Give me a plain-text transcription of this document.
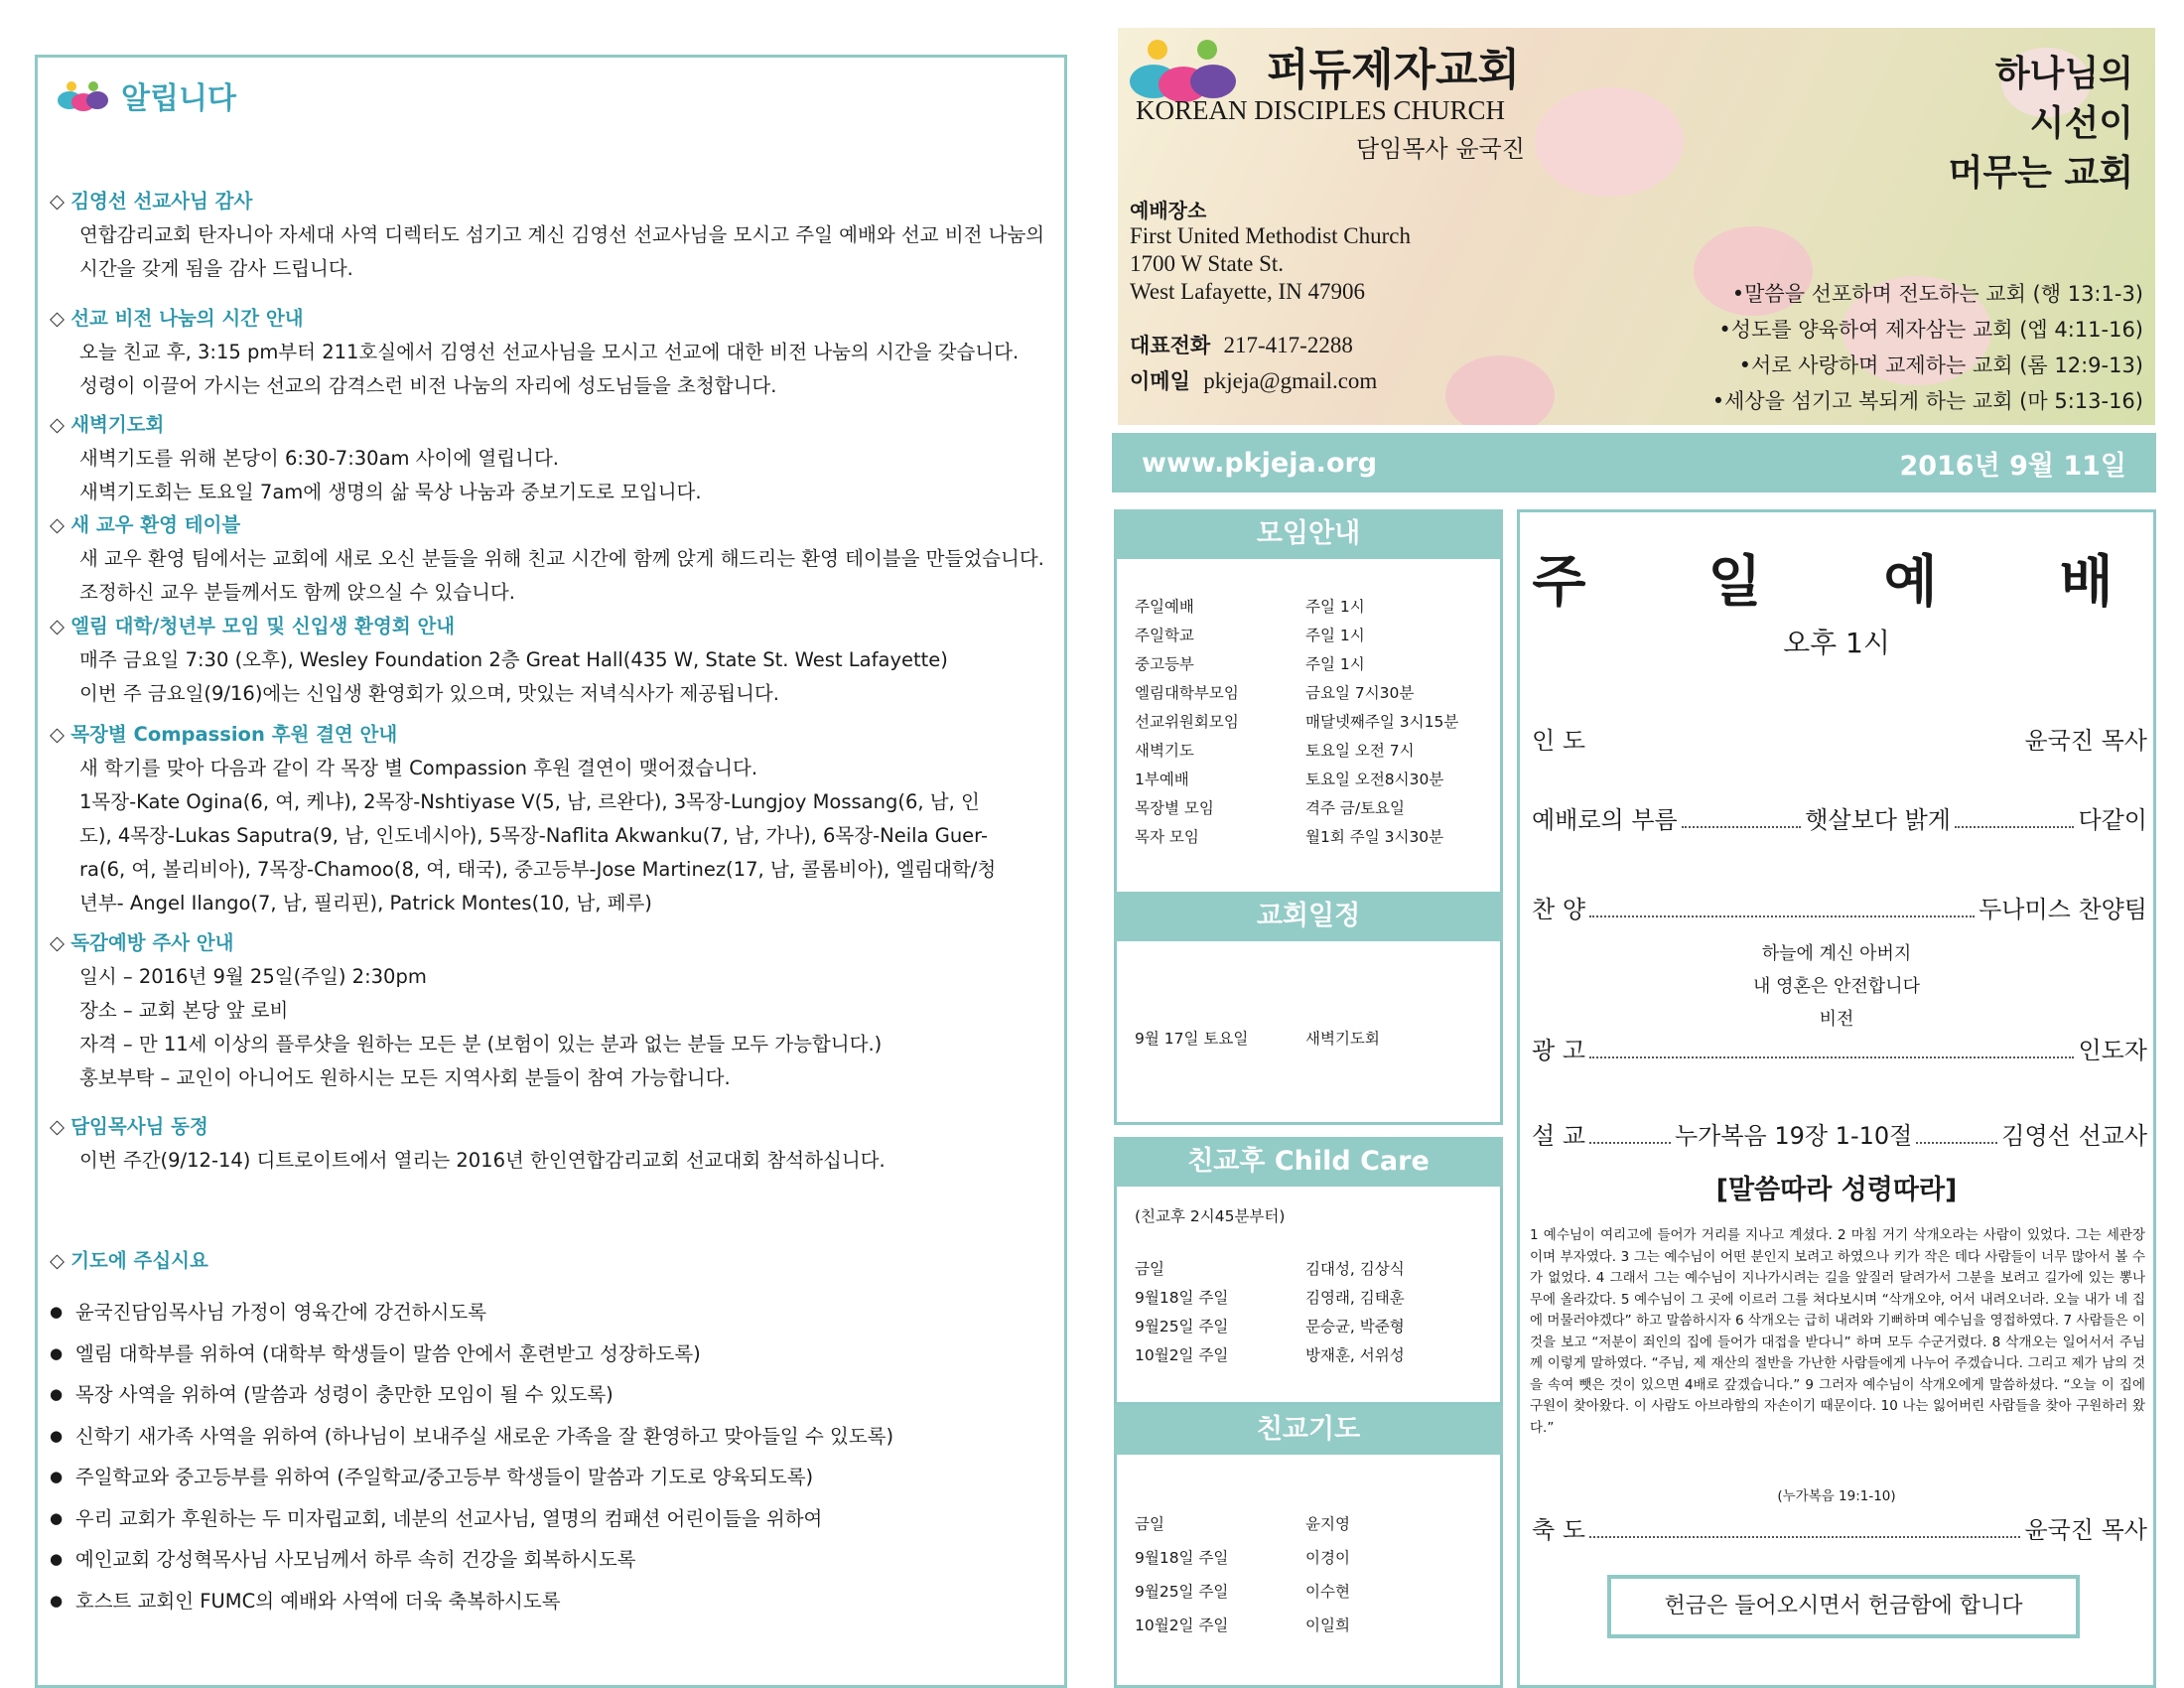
알립니다
◇ 김영선 선교사님 감사
연합감리교회 탄자니아 자세대 사역 디렉터도 섬기고 계신 김영선 선교사님을 모시고 주일 예배와 선교 비전 나눔의
시간을 갖게 됨을 감사 드립니다.
◇ 선교 비전 나눔의 시간 안내
오늘 친교 후, 3:15 pm부터 211호실에서 김영선 선교사님을 모시고 선교에 대한 비전 나눔의 시간을 갖습니다.
성령이 이끌어 가시는 선교의 감격스런 비전 나눔의 자리에 성도님들을 초청합니다.
◇ 새벽기도회
새벽기도를 위해 본당이 6:30-7:30am 사이에 열립니다.
새벽기도회는 토요일 7am에 생명의 삶 묵상 나눔과 중보기도로 모입니다.
◇ 새 교우 환영 테이블
새 교우 환영 팀에서는 교회에 새로 오신 분들을 위해 친교 시간에 함께 앉게 해드리는 환영 테이블을 만들었습니다.
조정하신 교우 분들께서도 함께 앉으실 수 있습니다.
◇ 엘림 대학/청년부 모임 및 신입생 환영회 안내
매주 금요일 7:30 (오후), Wesley Foundation 2층 Great Hall(435 W, State St. West Lafayette)
이번 주 금요일(9/16)에는 신입생 환영회가 있으며, 맛있는 저녁식사가 제공됩니다.
◇ 목장별 Compassion 후원 결연 안내
새 학기를 맞아 다음과 같이 각 목장 별 Compassion 후원 결연이 맺어졌습니다.
1목장-Kate Ogina(6, 여, 케냐), 2목장-Nshtiyase V(5, 남, 르완다), 3목장-Lungjoy Mossang(6, 남, 인
도), 4목장-Lukas Saputra(9, 남, 인도네시아), 5목장-Naflita Akwanku(7, 남, 가나), 6목장-Neila Guer-
ra(6, 여, 볼리비아), 7목장-Chamoo(8, 여, 태국), 중고등부-Jose Martinez(17, 남, 콜롬비아), 엘림대학/청
년부- Angel Ilango(7, 남, 필리핀), Patrick Montes(10, 남, 페루)
◇ 독감예방 주사 안내
일시 – 2016년 9월 25일(주일) 2:30pm
장소 – 교회 본당 앞 로비
자격 – 만 11세 이상의 플루샷을 원하는 모든 분 (보험이 있는 분과 없는 분들 모두 가능합니다.)
홍보부탁 – 교인이 아니어도 원하시는 모든 지역사회 분들이 참여 가능합니다.
◇ 담임목사님 동정
이번 주간(9/12-14) 디트로이트에서 열리는 2016년 한인연합감리교회 선교대회 참석하십니다.
◇ 기도에 주십시요
● 윤국진담임목사님 가정이 영육간에 강건하시도록
● 엘림 대학부를 위하여 (대학부 학생들이 말씀 안에서 훈련받고 성장하도록)
● 목장 사역을 위하여 (말씀과 성령이 충만한 모임이 될 수 있도록)
● 신학기 새가족 사역을 위하여 (하나님이 보내주실 새로운 가족을 잘 환영하고 맞아들일 수 있도록)
● 주일학교와 중고등부를 위하여 (주일학교/중고등부 학생들이 말씀과 기도로 양육되도록)
● 우리 교회가 후원하는 두 미자립교회, 네분의 선교사님, 열명의 컴패션 어린이들을 위하여
● 예인교회 강성혁목사님 사모님께서 하루 속히 건강을 회복하시도록
● 호스트 교회인 FUMC의 예배와 사역에 더욱 축복하시도록
퍼듀제자교회
KOREAN DISCIPLES CHURCH
담임목사 윤국진
예배장소
First United Methodist Church
1700 W State St.
West Lafayette, IN 47906
대표전화 217-417-2288
이메일 pkjeja@gmail.com
하나님의
시선이
머무는 교회
•말씀을 선포하며 전도하는 교회 (행 13:1-3)
•성도를 양육하여 제자삼는 교회 (엡 4:11-16)
•서로 사랑하며 교제하는 교회 (롬 12:9-13)
•세상을 섬기고 복되게 하는 교회 (마 5:13-16)
www.pkjeja.org	2016년 9월 11일
모임안내
주일예배	주일 1시
주일학교	주일 1시
중고등부	주일 1시
엘림대학부모임	금요일 7시30분
선교위원회모임	매달넷째주일 3시15분
새벽기도	토요일 오전 7시
1부예배	토요일 오전8시30분
목장별 모임	격주 금/토요일
목자 모임	월1회 주일 3시30분
교회일정
9월 17일 토요일	새벽기도회
친교후 Child Care
(친교후 2시45분부터)
금일	김대성, 김상식
9월18일 주일	김영래, 김태훈
9월25일 주일	문승균, 박준형
10월2일 주일	방재훈, 서위성
친교기도
금일	윤지영
9월18일 주일	이경이
9월25일 주일	이수현
10월2일 주일	이일희
주  일  예  배
오후 1시
인 도	윤국진 목사
예배로의 부름	햇살보다 밝게	다같이
찬 양	두나미스 찬양팀
하늘에 계신 아버지
내 영혼은 안전합니다
비전
광 고	인도자
설 교	누가복음 19장 1-10절	김영선 선교사
[말씀따라 성령따라]
1 예수님이 여리고에 들어가 거리를 지나고 계셨다. 2 마침 거기 삭개오라는 사람이 있었다. 그는 세관장이며 부자였다. 3 그는 예수님이 어떤 분인지 보려고 하였으나 키가 작은 데다 사람들이 너무 많아서 볼 수 가 없었다. 4 그래서 그는 예수님이 지나가시려는 길을 앞질러 달려가서 그분을 보려고 길가에 있는 뽕나무에 올라갔다. 5 예수님이 그 곳에 이르러 그를 쳐다보시며 “삭개오야, 어서 내려오너라. 오늘 내가 네 집에 머물러야겠다” 하고 말씀하시자 6 삭개오는 급히 내려와 기뻐하며 예수님을 영접하였다. 7 사람들은 이것을 보고 “저분이 죄인의 집에 들어가 대접을 받다니” 하며 모두 수군거렸다. 8 삭개오는 일어서서 주님께 이렇게 말하였다. “주님, 제 재산의 절반을 가난한 사람들에게 나누어 주겠습니다. 그리고 제가 남의 것을 속여 뺏은 것이 있으면 4배로 갚겠습니다.” 9 그러자 예수님이 삭개오에게 말씀하셨다. “오늘 이 집에 구원이 찾아왔다. 이 사람도 아브라함의 자손이기 때문이다. 10 나는 잃어버린 사람들을 찾아 구원하러 왔다.”
(누가복음 19:1-10)
축 도	윤국진 목사
헌금은 들어오시면서 헌금함에 합니다
